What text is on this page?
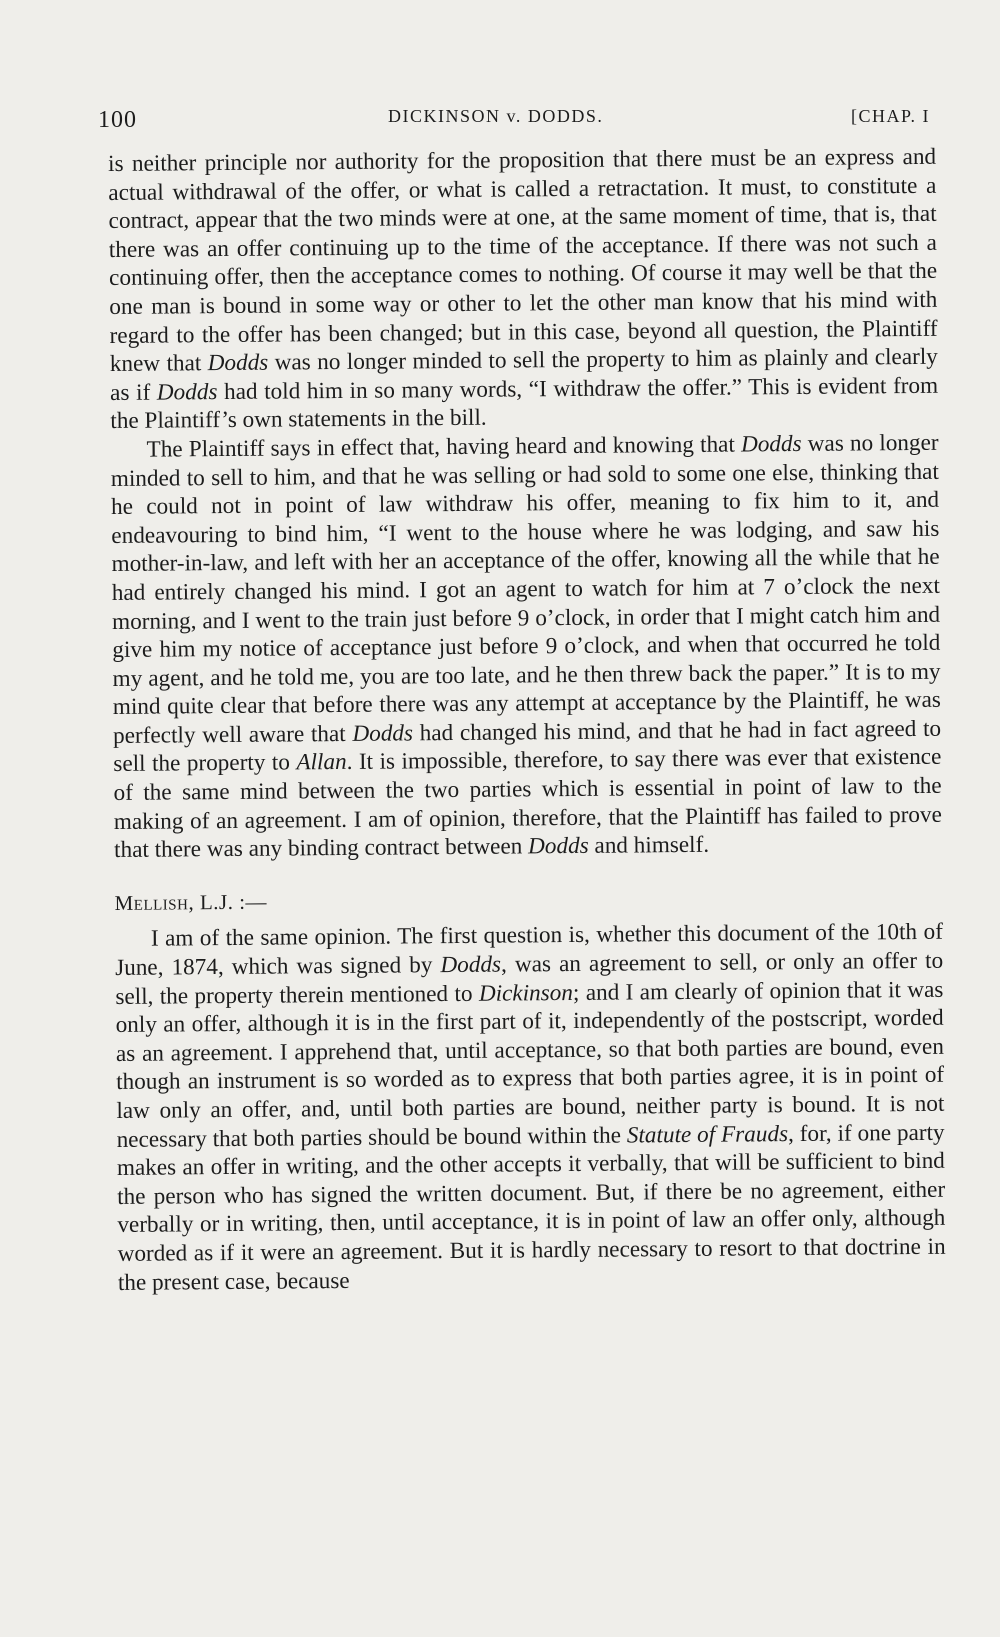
100	DICKINSON v. DODDS.	[CHAP. I

is neither principle nor authority for the proposition that there must be an express and actual withdrawal of the offer, or what is called a retractation. It must, to constitute a contract, appear that the two minds were at one, at the same moment of time, that is, that there was an offer continuing up to the time of the acceptance. If there was not such a continuing offer, then the acceptance comes to nothing. Of course it may well be that the one man is bound in some way or other to let the other man know that his mind with regard to the offer has been changed; but in this case, beyond all question, the Plaintiff knew that Dodds was no longer minded to sell the property to him as plainly and clearly as if Dodds had told him in so many words, “I withdraw the offer.” This is evident from the Plaintiff’s own statements in the bill.

The Plaintiff says in effect that, having heard and knowing that Dodds was no longer minded to sell to him, and that he was selling or had sold to some one else, thinking that he could not in point of law withdraw his offer, meaning to fix him to it, and endeavouring to bind him, “I went to the house where he was lodging, and saw his mother-in-law, and left with her an acceptance of the offer, knowing all the while that he had entirely changed his mind. I got an agent to watch for him at 7 o’clock the next morning, and I went to the train just before 9 o’clock, in order that I might catch him and give him my notice of acceptance just before 9 o’clock, and when that occurred he told my agent, and he told me, you are too late, and he then threw back the paper.” It is to my mind quite clear that before there was any attempt at acceptance by the Plaintiff, he was perfectly well aware that Dodds had changed his mind, and that he had in fact agreed to sell the property to Allan. It is impossible, therefore, to say there was ever that existence of the same mind between the two parties which is essential in point of law to the making of an agreement. I am of opinion, therefore, that the Plaintiff has failed to prove that there was any binding contract between Dodds and himself.

Mellish, L.J. :—

I am of the same opinion. The first question is, whether this document of the 10th of June, 1874, which was signed by Dodds, was an agreement to sell, or only an offer to sell, the property therein mentioned to Dickinson; and I am clearly of opinion that it was only an offer, although it is in the first part of it, independently of the postscript, worded as an agreement. I apprehend that, until acceptance, so that both parties are bound, even though an instrument is so worded as to express that both parties agree, it is in point of law only an offer, and, until both parties are bound, neither party is bound. It is not necessary that both parties should be bound within the Statute of Frauds, for, if one party makes an offer in writing, and the other accepts it verbally, that will be sufficient to bind the person who has signed the written document. But, if there be no agreement, either verbally or in writing, then, until acceptance, it is in point of law an offer only, although worded as if it were an agreement. But it is hardly necessary to resort to that doctrine in the present case, because
